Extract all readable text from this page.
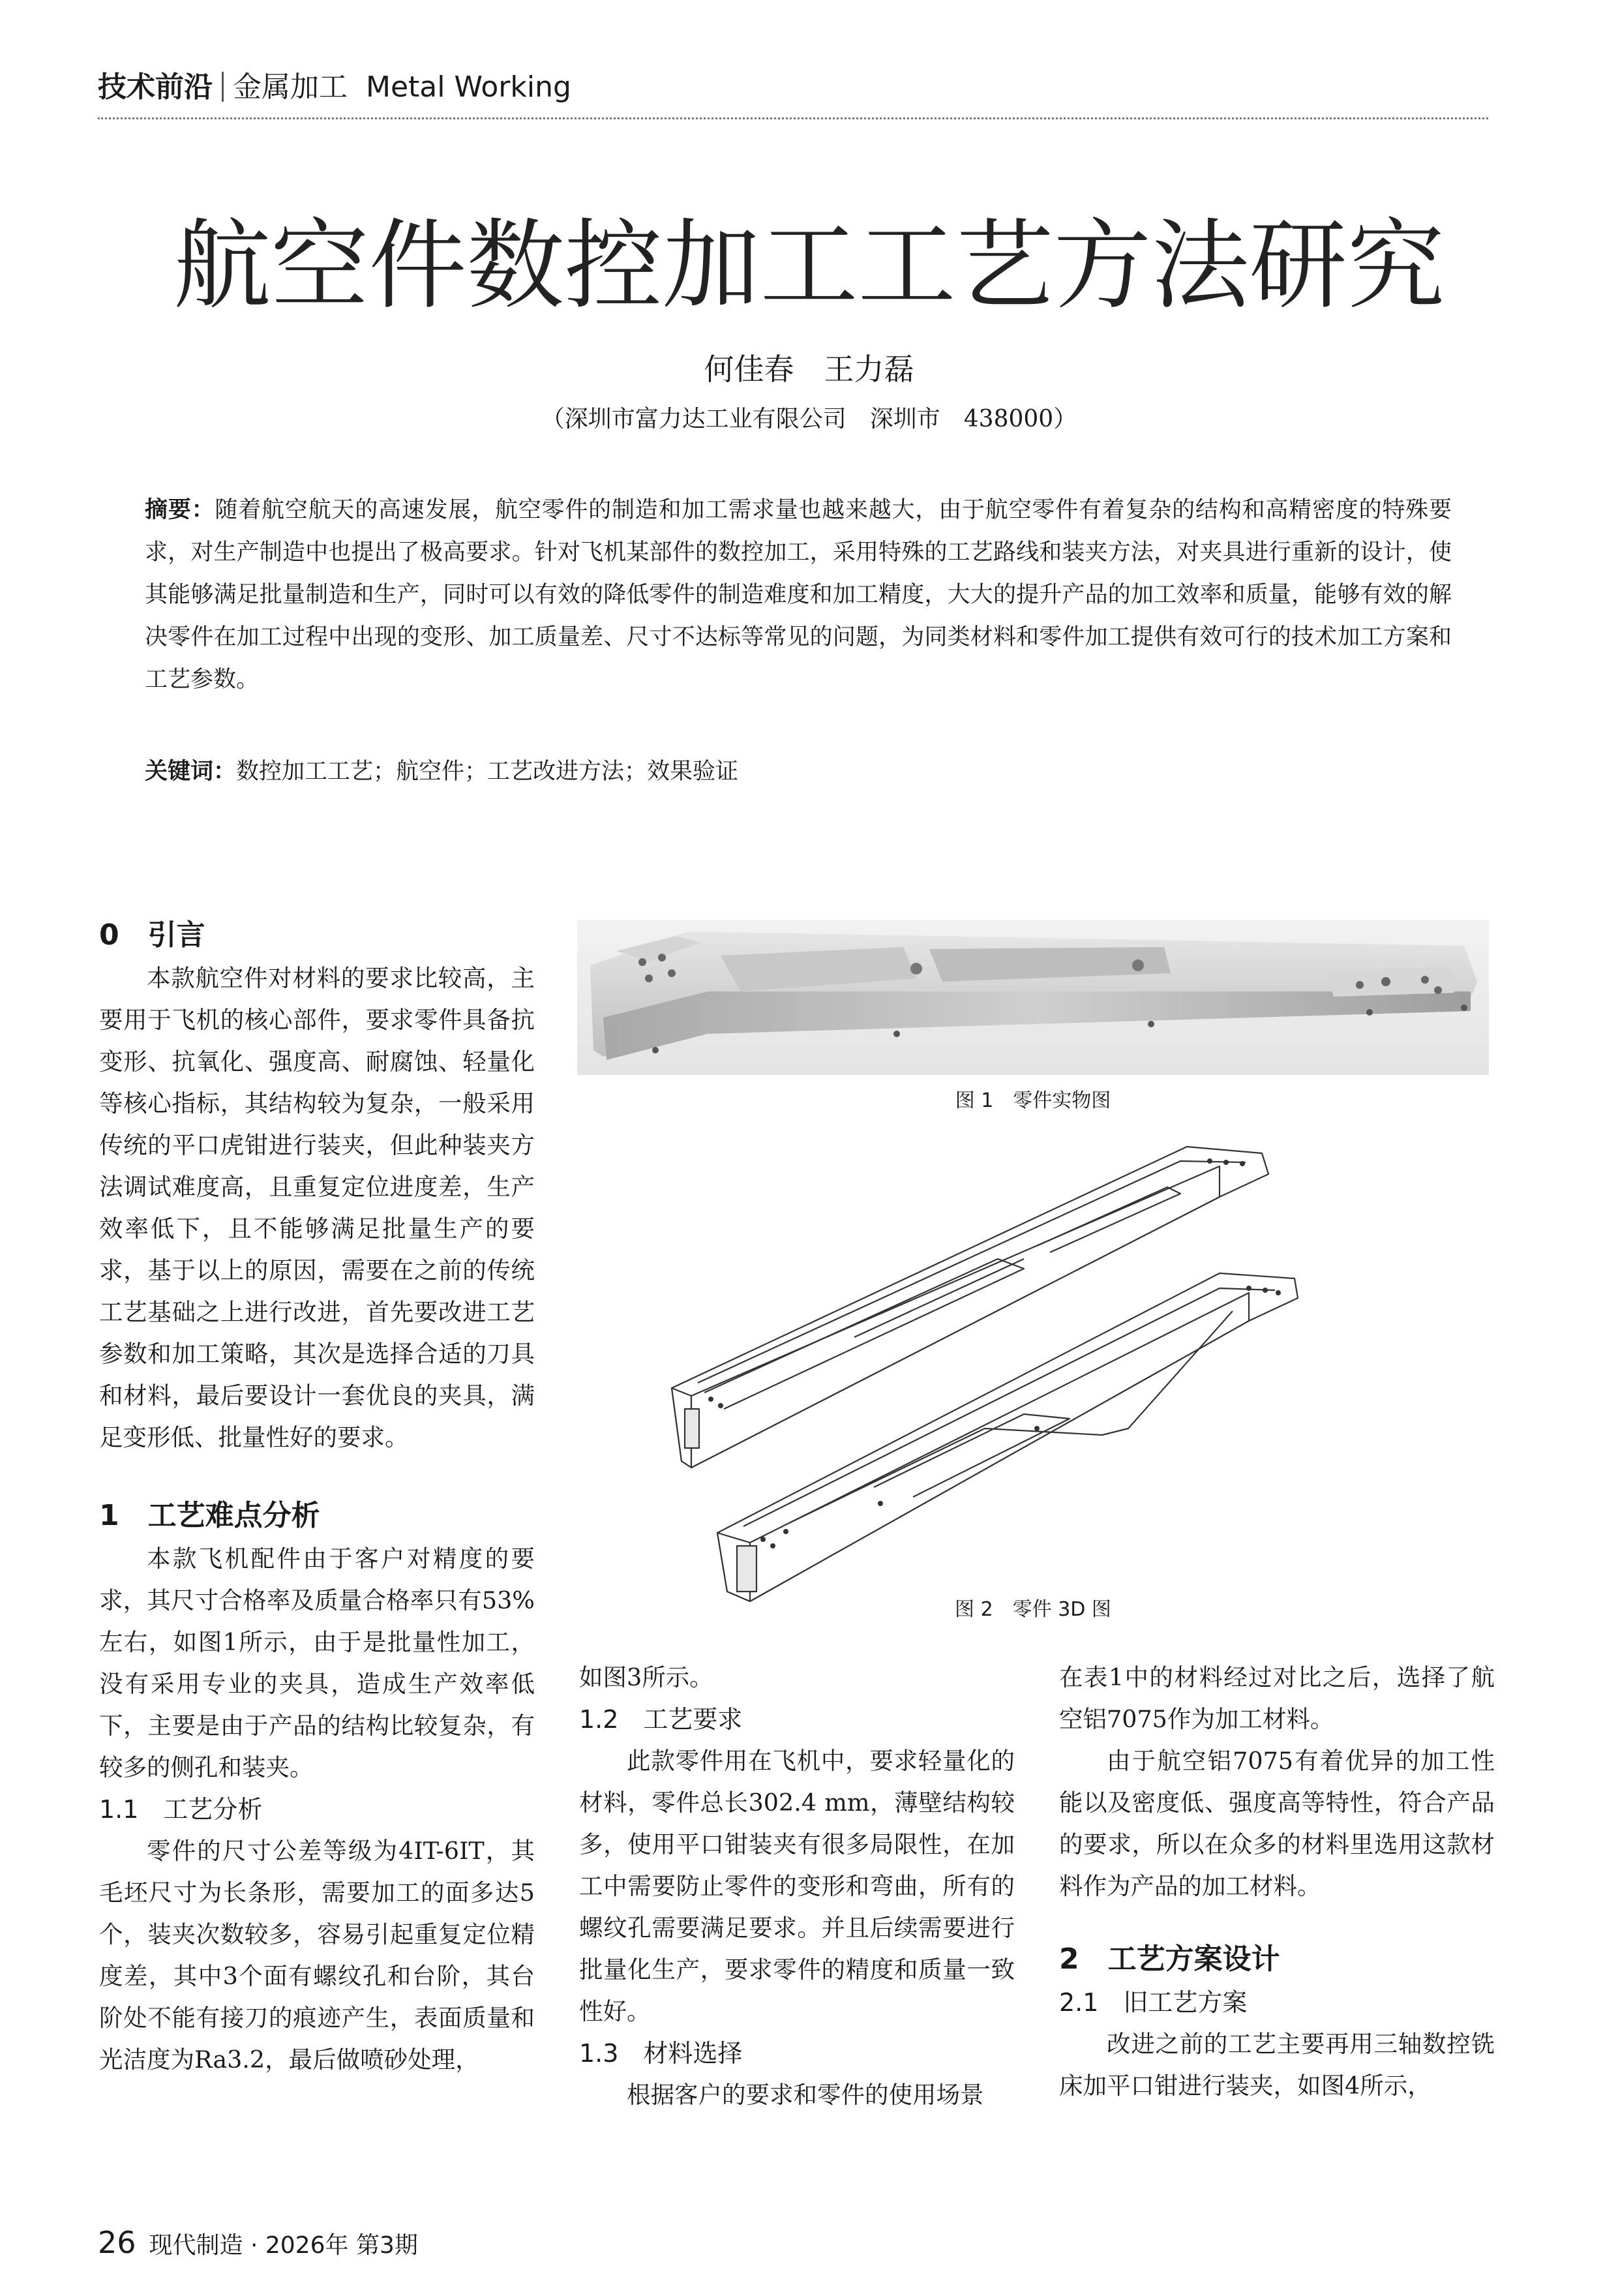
技术前沿 金属加工 Metal Working
航空件数控加工工艺方法研究
何佳春　王力磊
（深圳市富力达工业有限公司　深圳市　438000）
摘要：随着航空航天的高速发展，航空零件的制造和加工需求量也越来越大，由于航空零件有着复杂的结构和高精密度的特殊要求，对生产制造中也提出了极高要求。针对飞机某部件的数控加工，采用特殊的工艺路线和装夹方法，对夹具进行重新的设计，使其能够满足批量制造和生产，同时可以有效的降低零件的制造难度和加工精度，大大的提升产品的加工效率和质量，能够有效的解决零件在加工过程中出现的变形、加工质量差、尺寸不达标等常见的问题，为同类材料和零件加工提供有效可行的技术加工方案和工艺参数。
关键词：数控加工工艺；航空件；工艺改进方法；效果验证
0　引言

本款航空件对材料的要求比较高，主要用于飞机的核心部件，要求零件具备抗变形、抗氧化、强度高、耐腐蚀、轻量化等核心指标，其结构较为复杂，一般采用传统的平口虎钳进行装夹，但此种装夹方法调试难度高，且重复定位进度差，生产效率低下，且不能够满足批量生产的要求，基于以上的原因，需要在之前的传统工艺基础之上进行改进，首先要改进工艺参数和加工策略，其次是选择合适的刀具和材料，最后要设计一套优良的夹具，满足变形低、批量性好的要求。

1　工艺难点分析

本款飞机配件由于客户对精度的要求，其尺寸合格率及质量合格率只有53%左右，如图1所示，由于是批量性加工，没有采用专业的夹具，造成生产效率低下，主要是由于产品的结构比较复杂，有较多的侧孔和装夹。

1.1　工艺分析

零件的尺寸公差等级为4IT-6IT，其毛坯尺寸为长条形，需要加工的面多达5个，装夹次数较多，容易引起重复定位精度差，其中3个面有螺纹孔和台阶，其台阶处不能有接刀的痕迹产生，表面质量和光洁度为Ra3.2，最后做喷砂处理，

图 1　零件实物图
图 2　零件 3D 图

如图3所示。

1.2　工艺要求

此款零件用在飞机中，要求轻量化的材料，零件总长302.4 mm，薄壁结构较多，使用平口钳装夹有很多局限性，在加工中需要防止零件的变形和弯曲，所有的螺纹孔需要满足要求。并且后续需要进行批量化生产，要求零件的精度和质量一致性好。

1.3　材料选择

根据客户的要求和零件的使用场景

在表1中的材料经过对比之后，选择了航空铝7075作为加工材料。

由于航空铝7075有着优异的加工性能以及密度低、强度高等特性，符合产品的要求，所以在众多的材料里选用这款材料作为产品的加工材料。

2　工艺方案设计
2.1　旧工艺方案

改进之前的工艺主要再用三轴数控铣床加平口钳进行装夹，如图4所示，

26 现代制造 · 2026年 第3期
